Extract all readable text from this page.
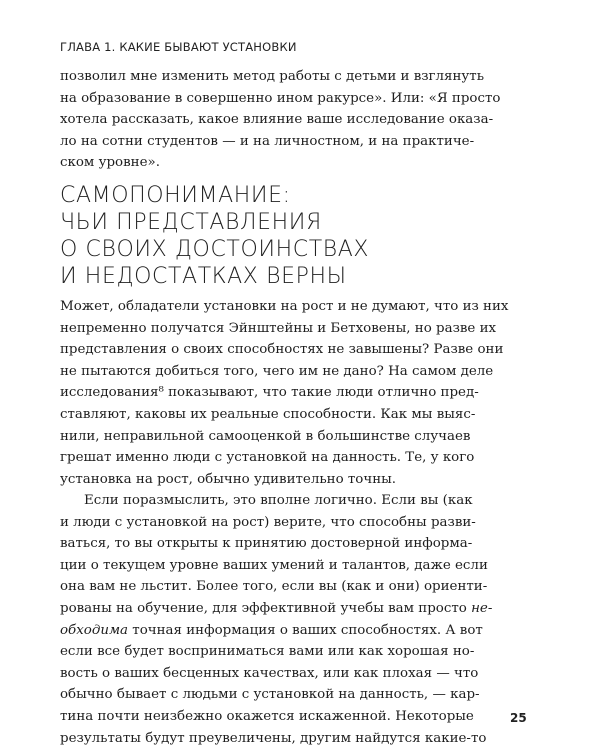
ГЛАВА 1. КАКИЕ БЫВАЮТ УСТАНОВКИ

позволил мне изменить метод работы с детьми и взглянуть
на образование в совершенно ином ракурсе». Или: «Я просто
хотела рассказать, какое влияние ваше исследование оказа-
ло на сотни студентов — и на личностном, и на практиче-
ском уровне».

САМОПОНИМАНИЕ:
ЧЬИ ПРЕДСТАВЛЕНИЯ
О СВОИХ ДОСТОИНСТВАХ
И НЕДОСТАТКАХ ВЕРНЫ

Может, обладатели установки на рост и не думают, что из них
непременно получатся Эйнштейны и Бетховены, но разве их
представления о своих способностях не завышены? Разве они
не пытаются добиться того, чего им не дано? На самом деле
исследования⁸ показывают, что такие люди отлично пред-
ставляют, каковы их реальные способности. Как мы выяс-
нили, неправильной самооценкой в большинстве случаев
грешат именно люди с установкой на данность. Те, у кого
установка на рост, обычно удивительно точны.

Если поразмыслить, это вполне логично. Если вы (как
и люди с установкой на рост) верите, что способны разви-
ваться, то вы открыты к принятию достоверной информа-
ции о текущем уровне ваших умений и талантов, даже если
она вам не льстит. Более того, если вы (как и они) ориенти-
рованы на обучение, для эффективной учебы вам просто не-
обходима точная информация о ваших способностях. А вот
если все будет восприниматься вами или как хорошая но-
вость о ваших бесценных качествах, или как плохая — что
обычно бывает с людьми с установкой на данность, — кар-
тина почти неизбежно окажется искаженной. Некоторые
результаты будут преувеличены, другим найдутся какие-то

25
